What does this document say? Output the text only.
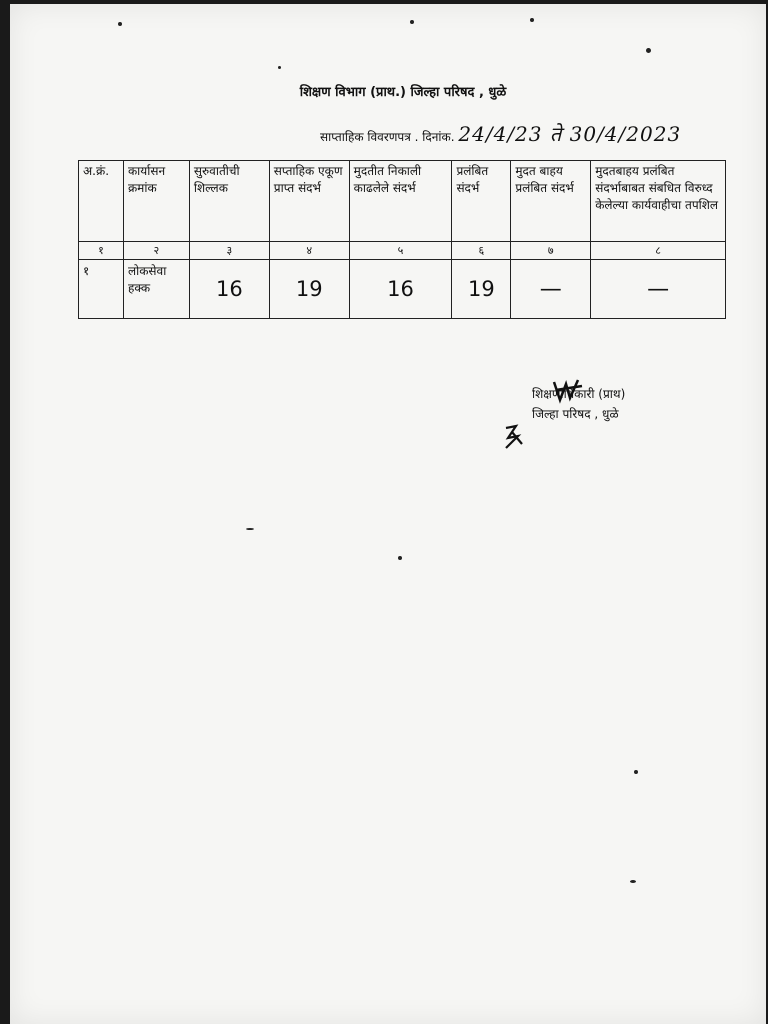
शिक्षण विभाग (प्राथ.) जिल्हा परिषद , धुळे
साप्ताहिक विवरणपत्र . दिनांक. 24/4/23 ते 30/4/2023
अ.क्रं.	कार्यासन क्रमांक	सुरुवातीची शिल्लक	सप्ताहिक एकूण प्राप्त संदर्भ	मुदतीत निकाली काढलेले संदर्भ	प्रलंबित संदर्भ	मुदत बाहय प्रलंबित संदर्भ	मुदतबाहय प्रलंबित संदर्भाबाबत संबधित विरुध्द केलेल्या कार्यवाहीचा तपशिल
१	२	३	४	५	६	७	८
१	लोकसेवा हक्क	16	19	16	19	—	—
शिक्षणाधिकारी (प्राथ)
जिल्हा परिषद , धुळे
